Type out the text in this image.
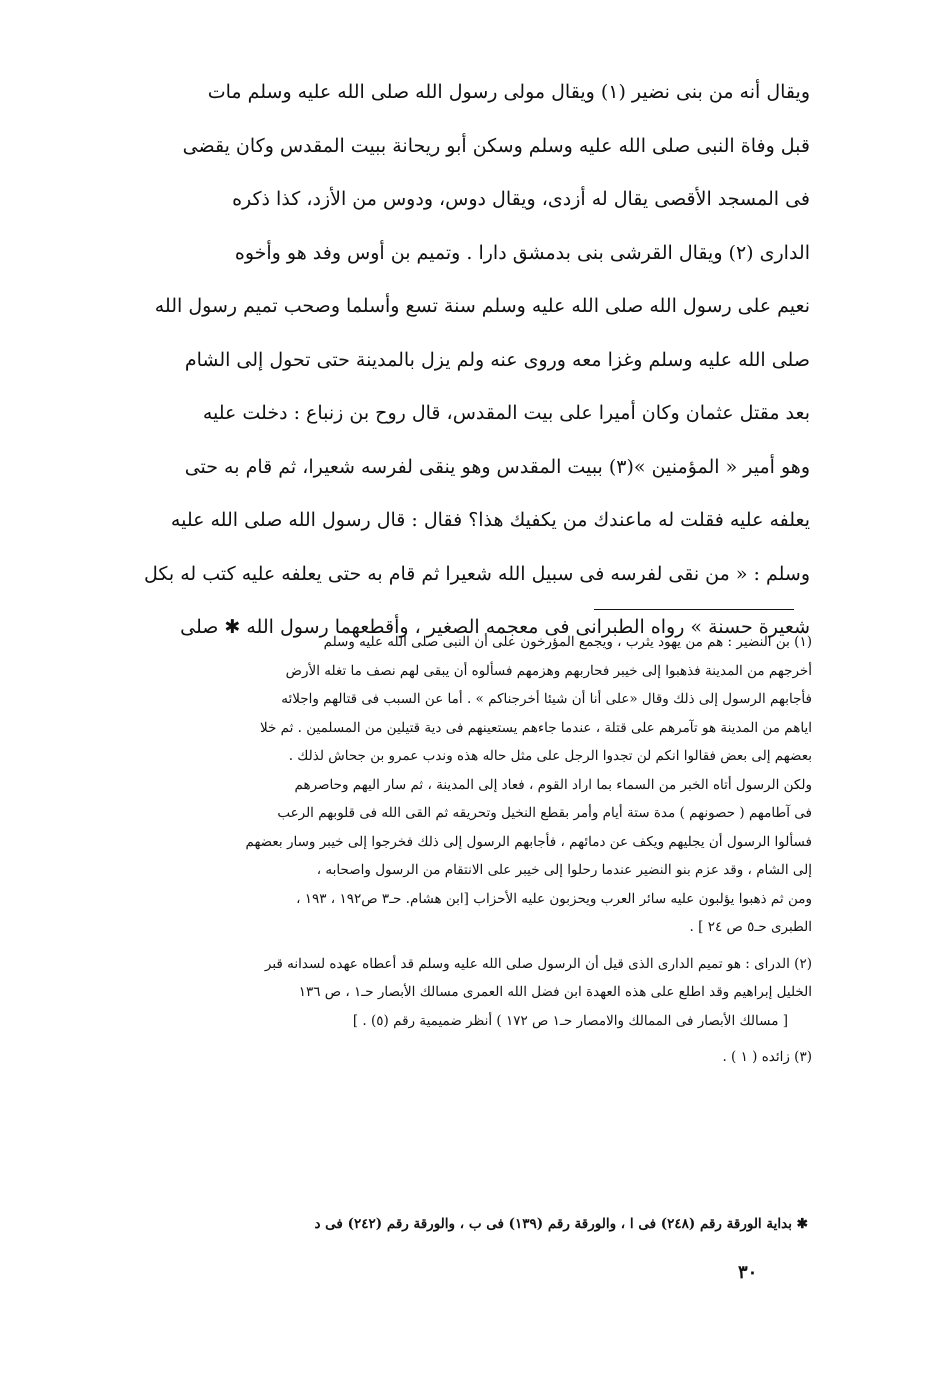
ويقال أنه من بنى نضير (١) ويقال مولى رسول الله صلى الله عليه وسلم مات
قبل وفاة النبى صلى الله عليه وسلم وسكن أبو ريحانة ببيت المقدس وكان يقضى
فى المسجد الأقصى يقال له أزدى، ويقال دوس، ودوس من الأزد، كذا ذكره
الدارى (٢) ويقال القرشى بنى بدمشق دارا . وتميم بن أوس وفد هو وأخوه
نعيم على رسول الله صلى الله عليه وسلم سنة تسع وأسلما وصحب تميم رسول الله
صلى الله عليه وسلم وغزا معه وروى عنه ولم يزل بالمدينة حتى تحول إلى الشام
بعد مقتل عثمان وكان أميرا على بيت المقدس، قال روح بن زنباع : دخلت عليه
وهو أمير « المؤمنين »(٣) ببيت المقدس وهو ينقى لفرسه شعيرا، ثم قام به حتى
يعلفه عليه فقلت له ماعندك من يكفيك هذا؟ فقال : قال رسول الله صلى الله عليه
وسلم : « من نقى لفرسه فى سبيل الله شعيرا ثم قام به حتى يعلفه عليه كتب له بكل
شعيرة حسنة » رواه الطبرانى فى معجمه الصغير ، وأقطعهما رسول الله ✱ صلى
(١) بن النضير : هم من يهود يثرب ، ويجمع المؤرخون على أن النبى صلى الله عليه وسلم
أخرجهم من المدينة فذهبوا إلى خيبر فحاربهم وهزمهم فسألوه أن يبقى لهم نصف ما تغله الأرض
فأجابهم الرسول إلى ذلك وقال «على أنا أن شيئا أخرجناكم » . أما عن السبب فى قتالهم واجلائه
اياهم من المدينة هو تآمرهم على قتلة ، عندما جاءهم يستعينهم فى دية قتيلين من المسلمين . ثم خلا
بعضهم إلى بعض فقالوا انكم لن تجدوا الرجل على مثل حاله هذه وندب عمرو بن جحاش لذلك .
ولكن الرسول أتاه الخبر من السماء بما اراد القوم ، فعاد إلى المدينة ، ثم سار اليهم وحاصرهم
فى آطامهم ( حصونهم ) مدة ستة أيام وأمر بقطع النخيل وتحريقه ثم القى الله فى قلوبهم الرعب
فسألوا الرسول أن يجليهم ويكف عن دمائهم ، فأجابهم الرسول إلى ذلك فخرجوا إلى خيبر وسار بعضهم
إلى الشام ، وقد عزم بنو النضير عندما رحلوا إلى خيبر على الانتقام من الرسول واصحابه ،
ومن ثم ذهبوا يؤلبون عليه سائر العرب ويحزبون عليه الأحزاب [ابن هشام. حـ٣ ص١٩٢ ، ١٩٣ ،
الطبرى حـ٥ ص ٢٤ ] .
(٢) الدراى : هو تميم الدارى الذى قيل أن الرسول صلى الله عليه وسلم قد أعطاه عهده لسدانه قبر
الخليل إبراهيم وقد اطلع على هذه العهدة ابن فضل الله العمرى مسالك الأبصار حـ١ ، ص ١٣٦
[ مسالك الأبصار فى الممالك والامصار حـ١ ص ١٧٢ ) أنظر ضميمية رقم (٥) . ]
(٣) زائده ( ١ ) .
✱ بداية الورقة رقم (٢٤٨) فى ا ، والورقة رقم (١٣٩) فى ب ، والورقة رقم (٢٤٢) فى د
٣٠
